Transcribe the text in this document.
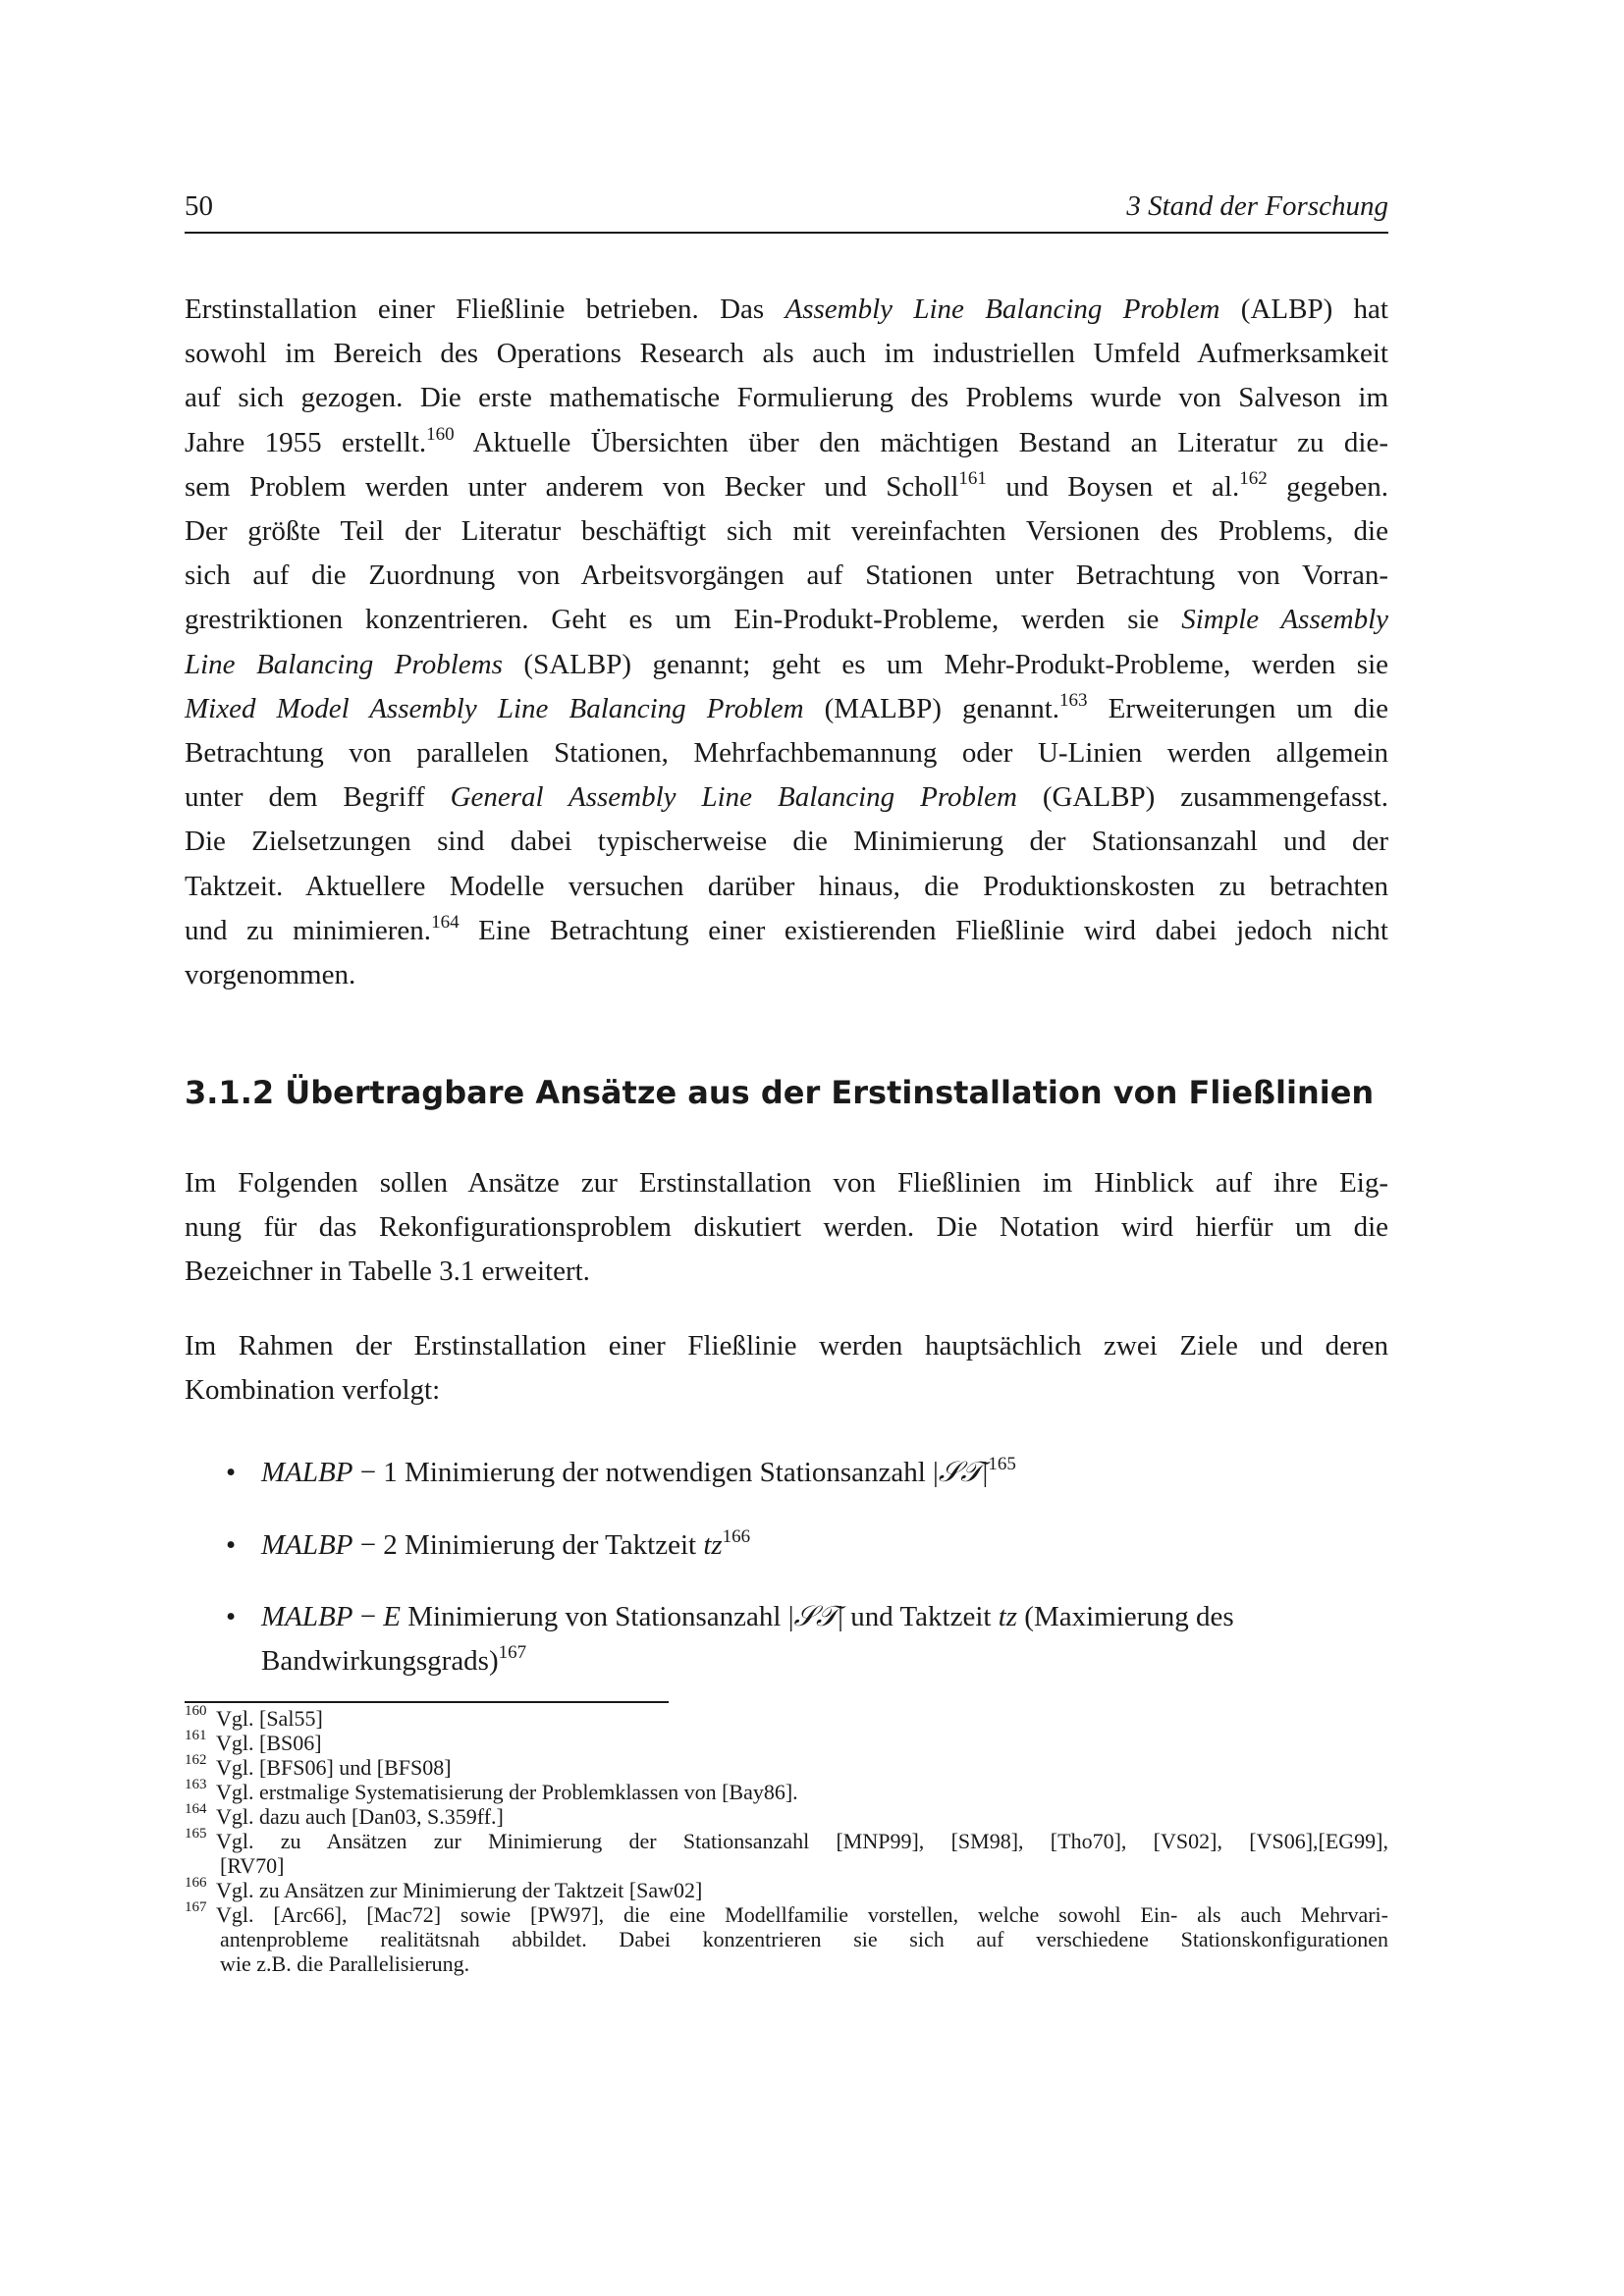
50	3 Stand der Forschung
Erstinstallation einer Fließlinie betrieben. Das Assembly Line Balancing Problem (ALBP) hat
sowohl im Bereich des Operations Research als auch im industriellen Umfeld Aufmerksamkeit
auf sich gezogen. Die erste mathematische Formulierung des Problems wurde von Salveson im
Jahre 1955 erstellt.$^{160}$ Aktuelle Übersichten über den mächtigen Bestand an Literatur zu die-
sem Problem werden unter anderem von Becker und Scholl$^{161}$ und Boysen et al.$^{162}$ gegeben.
Der größte Teil der Literatur beschäftigt sich mit vereinfachten Versionen des Problems, die
sich auf die Zuordnung von Arbeitsvorgängen auf Stationen unter Betrachtung von Vorran-
grestriktionen konzentrieren. Geht es um Ein-Produkt-Probleme, werden sie Simple Assembly
Line Balancing Problems (SALBP) genannt; geht es um Mehr-Produkt-Probleme, werden sie
Mixed Model Assembly Line Balancing Problem (MALBP) genannt.$^{163}$ Erweiterungen um die
Betrachtung von parallelen Stationen, Mehrfachbemannung oder U-Linien werden allgemein
unter dem Begriff General Assembly Line Balancing Problem (GALBP) zusammengefasst.
Die Zielsetzungen sind dabei typischerweise die Minimierung der Stationsanzahl und der
Taktzeit. Aktuellere Modelle versuchen darüber hinaus, die Produktionskosten zu betrachten
und zu minimieren.$^{164}$ Eine Betrachtung einer existierenden Fließlinie wird dabei jedoch nicht
vorgenommen.
3.1.2 Übertragbare Ansätze aus der Erstinstallation von Fließlinien
Im Folgenden sollen Ansätze zur Erstinstallation von Fließlinien im Hinblick auf ihre Eig-
nung für das Rekonfigurationsproblem diskutiert werden. Die Notation wird hierfür um die
Bezeichner in Tabelle 3.1 erweitert.
Im Rahmen der Erstinstallation einer Fließlinie werden hauptsächlich zwei Ziele und deren
Kombination verfolgt:
• MALBP − 1 Minimierung der notwendigen Stationsanzahl $|𝒮𝒯|^{165}$
• MALBP − 2 Minimierung der Taktzeit $tz^{166}$
• MALBP − E Minimierung von Stationsanzahl |𝒮𝒯| und Taktzeit tz (Maximierung des
Bandwirkungsgrads)$^{167}$
160 Vgl. [Sal55]
161 Vgl. [BS06]
162 Vgl. [BFS06] und [BFS08]
163 Vgl. erstmalige Systematisierung der Problemklassen von [Bay86].
164 Vgl. dazu auch [Dan03, S.359ff.]
165 Vgl. zu Ansätzen zur Minimierung der Stationsanzahl [MNP99], [SM98], [Tho70], [VS02], [VS06],[EG99],
[RV70]
166 Vgl. zu Ansätzen zur Minimierung der Taktzeit [Saw02]
167 Vgl. [Arc66], [Mac72] sowie [PW97], die eine Modellfamilie vorstellen, welche sowohl Ein- als auch Mehrvari-
antenprobleme realitätsnah abbildet. Dabei konzentrieren sie sich auf verschiedene Stationskonfigurationen
wie z.B. die Parallelisierung.
